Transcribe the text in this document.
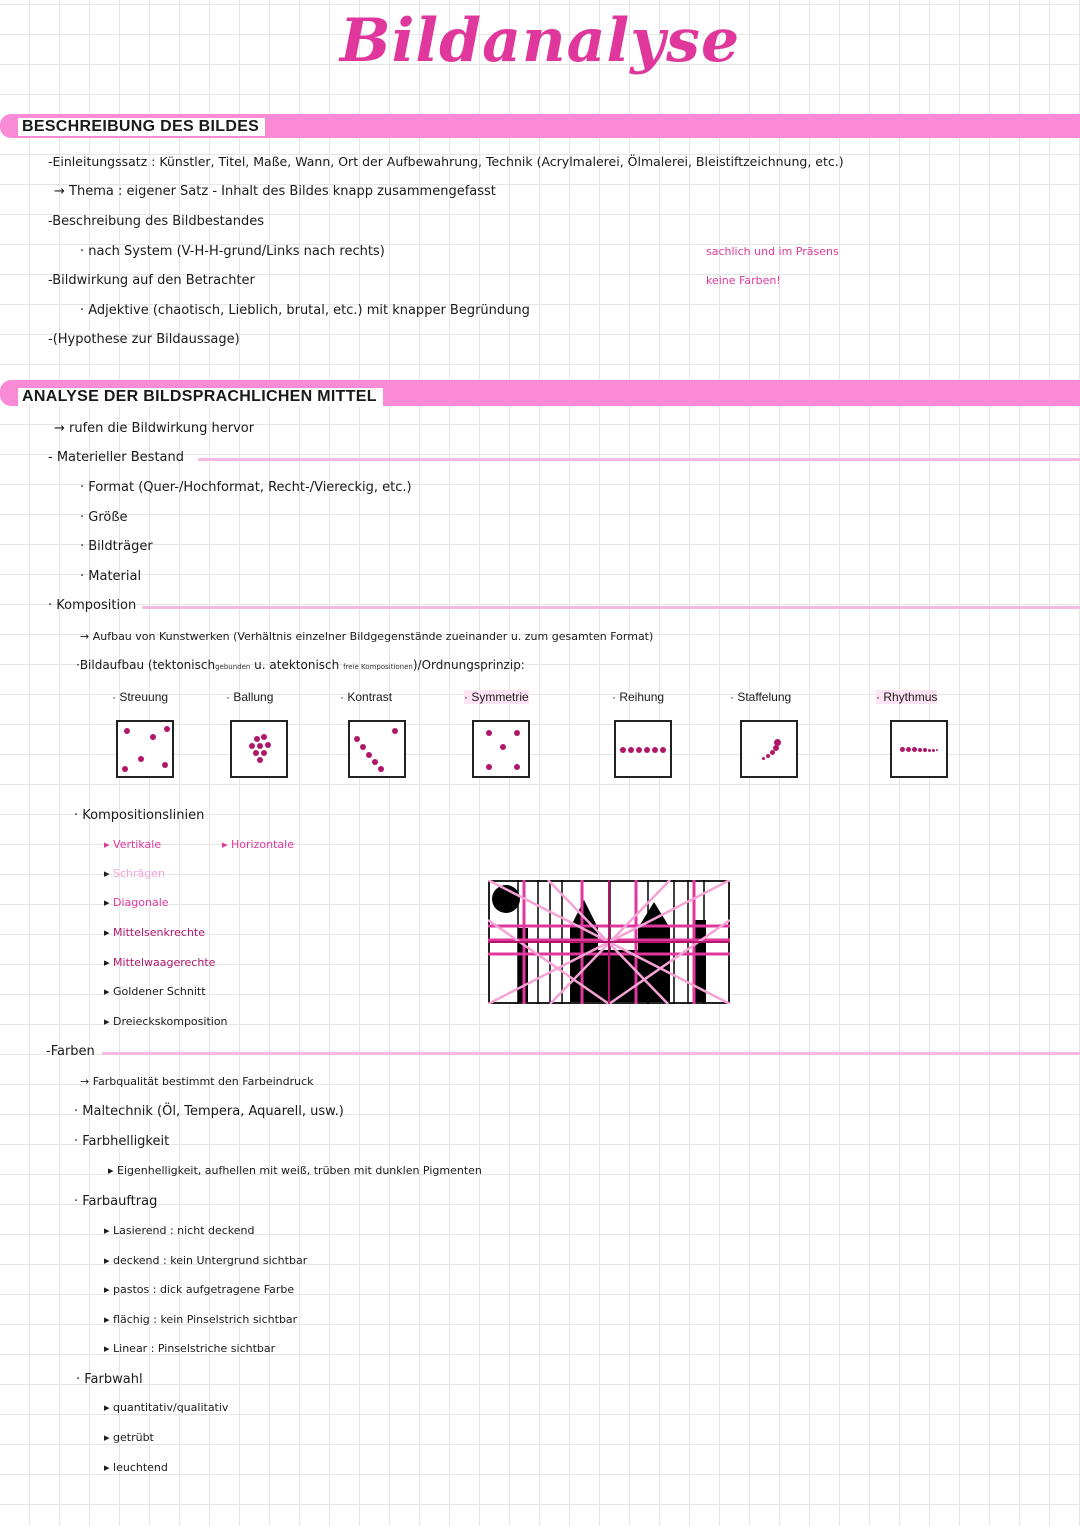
Bildanalyse
BESCHREIBUNG DES BILDES
-Einleitungssatz : Künstler, Titel, Maße, Wann, Ort der Aufbewahrung, Technik (Acrylmalerei, Ölmalerei, Bleistiftzeichnung, etc.)
→ Thema : eigener Satz - Inhalt des Bildes knapp zusammengefasst
-Beschreibung des Bildbestandes
· nach System (V-H-H-grund/Links nach rechts)
-Bildwirkung auf den Betrachter
· Adjektive (chaotisch, Lieblich, brutal, etc.) mit knapper Begründung
-(Hypothese zur Bildaussage)
sachlich und im Präsens
keine Farben!
ANALYSE DER BILDSPRACHLICHEN MITTEL
→ rufen die Bildwirkung hervor
- Materieller Bestand
· Format (Quer-/Hochformat, Recht-/Viereckig, etc.)
· Größe
· Bildträger
· Material
· Komposition
→ Aufbau von Kunstwerken (Verhältnis einzelner Bildgegenstände zueinander u. zum gesamten Format)
·Bildaufbau (tektonischgebunden u. atektonisch freie Kompositionen)/Ordnungsprinzip:
· Streuung	· Ballung	· Kontrast	· Symmetrie	· Reihung	· Staffelung	· Rhythmus
· Kompositionslinien
▸ Vertikale	▸ Horizontale
▸ Schrägen
▸ Diagonale
▸ Mittelsenkrechte
▸ Mittelwaagerechte
▸ Goldener Schnitt
▸ Dreieckskomposition
-Farben
→ Farbqualität bestimmt den Farbeindruck
· Maltechnik (Öl, Tempera, Aquarell, usw.)
· Farbhelligkeit
▸ Eigenhelligkeit, aufhellen mit weiß, trüben mit dunklen Pigmenten
· Farbauftrag
▸ Lasierend : nicht deckend
▸ deckend : kein Untergrund sichtbar
▸ pastos : dick aufgetragene Farbe
▸ flächig : kein Pinselstrich sichtbar
▸ Linear : Pinselstriche sichtbar
· Farbwahl
▸ quantitativ/qualitativ
▸ getrübt
▸ leuchtend
